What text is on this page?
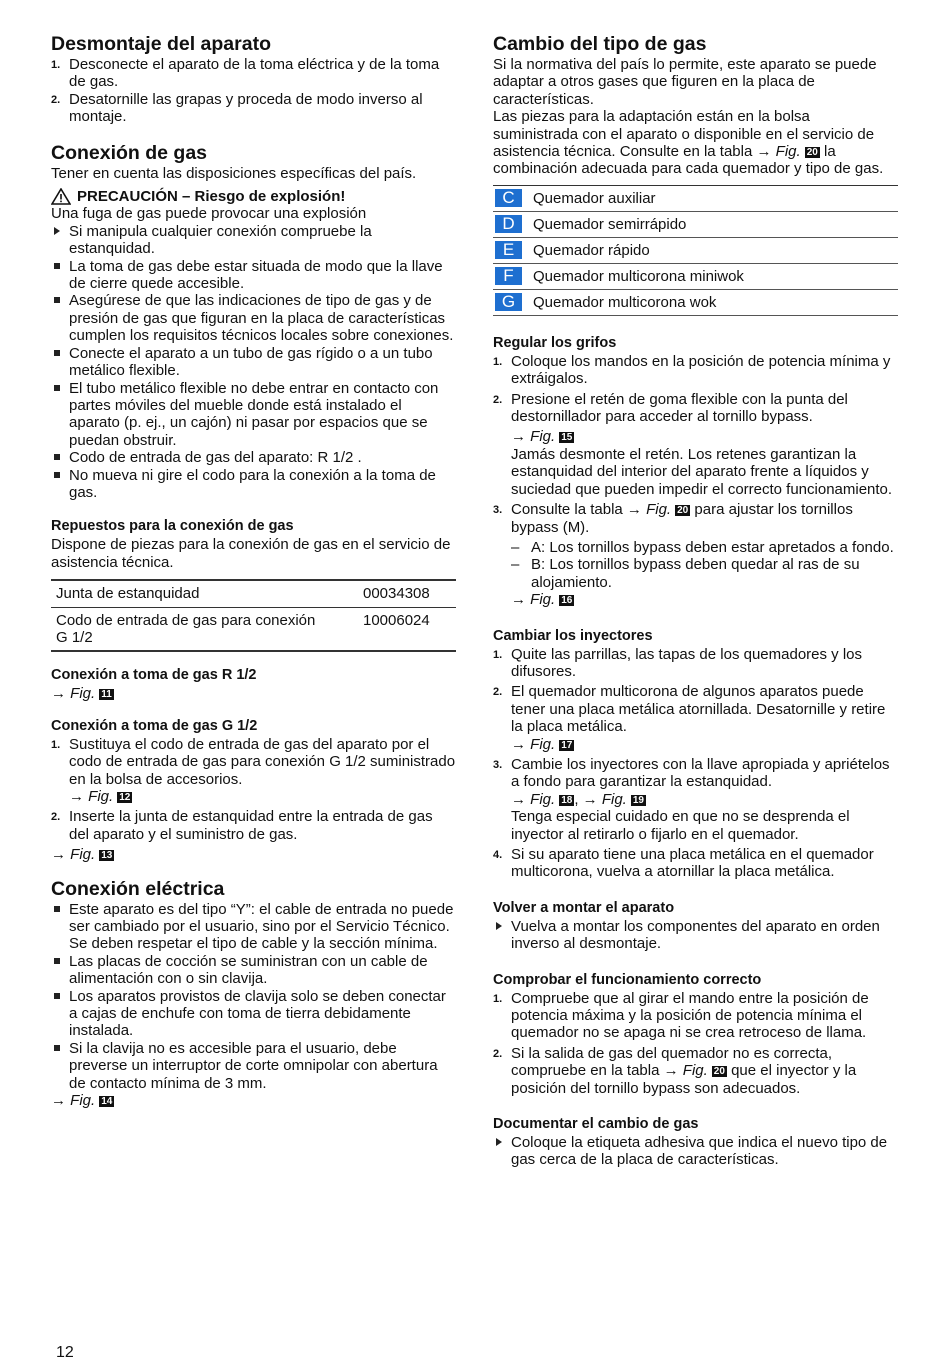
Desmontaje del aparato
1. Desconecte el aparato de la toma eléctrica y de la toma de gas.
2. Desatornille las grapas y proceda de modo inverso al montaje.
Conexión de gas

Tener en cuenta las disposiciones específicas del país.

PRECAUCIÓN – Riesgo de explosión!

Una fuga de gas puede provocar una explosión

Si manipula cualquier conexión compruebe la estanquidad.
La toma de gas debe estar situada de modo que la llave de cierre quede accesible.
Asegúrese de que las indicaciones de tipo de gas y de presión de gas que figuran en la placa de características cumplen los requisitos técnicos locales sobre conexiones.
Conecte el aparato a un tubo de gas rígido o a un tubo metálico flexible.
El tubo metálico flexible no debe entrar en contacto con partes móviles del mueble donde está instalado el aparato (p. ej., un cajón) ni pasar por espacios que se puedan obstruir.
Codo de entrada de gas del aparato: R 1/2 .
No mueva ni gire el codo para la conexión a la toma de gas.
Repuestos para la conexión de gas

Dispone de piezas para la conexión de gas en el servicio de asistencia técnica.

Junta de estanquidad	00034308
Codo de entrada de gas para conexión G 1/2	10006024
Conexión a toma de gas R 1/2

→ Fig. 11

Conexión a toma de gas G 1/2
1. Sustituya el codo de entrada de gas del aparato por el codo de entrada de gas para conexión G 1/2 suministrado en la bolsa de accesorios.
→ Fig. 12
2. Inserte la junta de estanquidad entre la entrada de gas del aparato y el suministro de gas.

→ Fig. 13

Conexión eléctrica
Este aparato es del tipo “Y”: el cable de entrada no puede ser cambiado por el usuario, sino por el Servicio Técnico. Se deben respetar el tipo de cable y la sección mínima.
Las placas de cocción se suministran con un cable de alimentación con o sin clavija.
Los aparatos provistos de clavija solo se deben conectar a cajas de enchufe con toma de tierra debidamente instalada.
Si la clavija no es accesible para el usuario, debe preverse un interruptor de corte omnipolar con abertura de contacto mínima de 3 mm.

→ Fig. 14

Cambio del tipo de gas

Si la normativa del país lo permite, este aparato se puede adaptar a otros gases que figuren en la placa de características.

Las piezas para la adaptación están en la bolsa suministrada con el aparato o disponible en el servicio de asistencia técnica. Consulte en la tabla → Fig. 20 la combinación adecuada para cada quemador y tipo de gas.

C	Quemador auxiliar
D	Quemador semirrápido
E	Quemador rápido
F	Quemador multicorona miniwok
G	Quemador multicorona wok
Regular los grifos
1. Coloque los mandos en la posición de potencia mínima y extráigalos.
2. Presione el retén de goma flexible con la punta del destornillador para acceder al tornillo bypass.
→ Fig. 15
Jamás desmonte el retén. Los retenes garantizan la estanquidad del interior del aparato frente a líquidos y suciedad que pueden impedir el correcto funcionamiento.
3. Consulte la tabla → Fig. 20 para ajustar los tornillos bypass (M).
– A: Los tornillos bypass deben estar apretados a fondo.
– B: Los tornillos bypass deben quedar al ras de su alojamiento.

→ Fig. 16

Cambiar los inyectores
1. Quite las parrillas, las tapas de los quemadores y los difusores.
2. El quemador multicorona de algunos aparatos puede tener una placa metálica atornillada. Desatornille y retire la placa metálica.
→ Fig. 17
3. Cambie los inyectores con la llave apropiada y apriételos a fondo para garantizar la estanquidad.
→ Fig. 18 , → Fig. 19
Tenga especial cuidado en que no se desprenda el inyector al retirarlo o fijarlo en el quemador.
4. Si su aparato tiene una placa metálica en el quemador multicorona, vuelva a atornillar la placa metálica.
Volver a montar el aparato
Vuelva a montar los componentes del aparato en orden inverso al desmontaje.
Comprobar el funcionamiento correcto
1. Compruebe que al girar el mando entre la posición de potencia máxima y la posición de potencia mínima el quemador no se apaga ni se crea retroceso de llama.
2. Si la salida de gas del quemador no es correcta, compruebe en la tabla → Fig. 20 que el inyector y la posición del tornillo bypass son adecuados.
Documentar el cambio de gas
Coloque la etiqueta adhesiva que indica el nuevo tipo de gas cerca de la placa de características.
12
